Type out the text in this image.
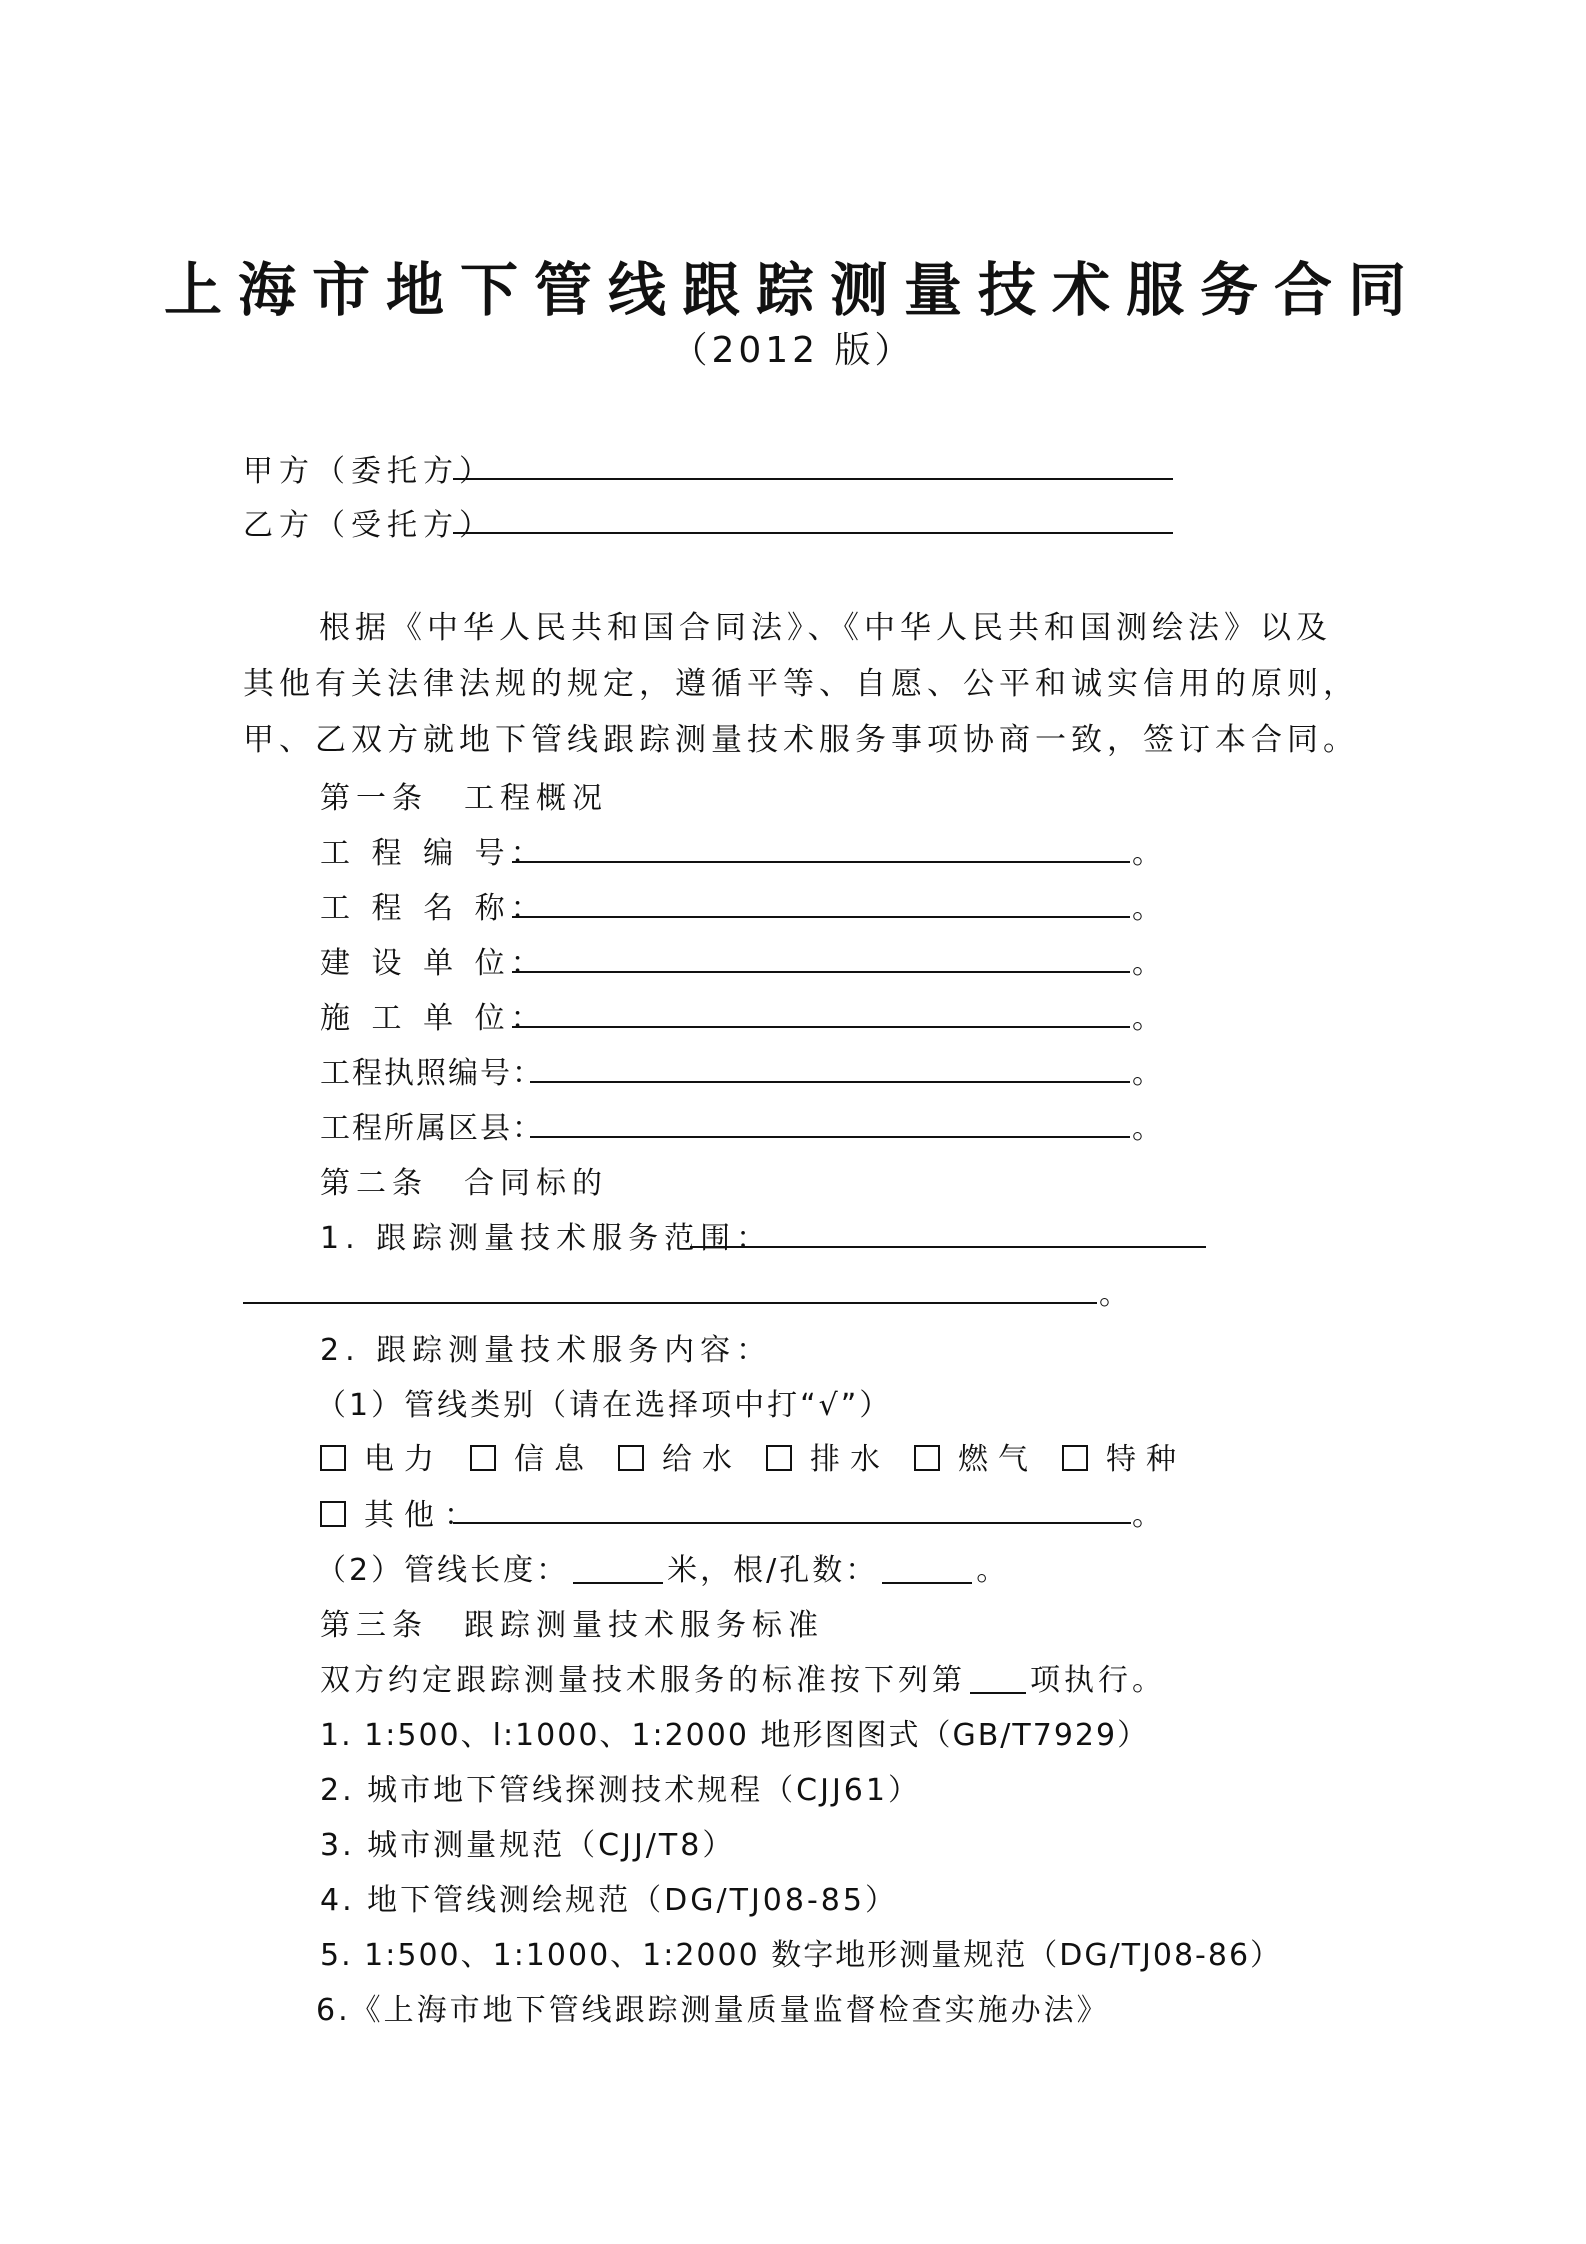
上海市地下管线跟踪测量技术服务合同
（2012 版）
甲方（委托方）
乙方（受托方）
根据《中华人民共和国合同法》、《中华人民共和国测绘法》以及其他有关法律法规的规定，遵循平等、自愿、公平和诚实信用的原则，甲、乙双方就地下管线跟踪测量技术服务事项协商一致，签订本合同。
第一条　工程概况
工 程 编 号：	。
工 程 名 称：	。
建 设 单 位：	。
施 工 单 位：	。
工程执照编号：	。
工程所属区县：	。
第二条　合同标的
1. 跟踪测量技术服务范围：
。
2. 跟踪测量技术服务内容：
（1）管线类别（请在选择项中打“√”）
电力	信息	给水	排水	燃气	特种
其他：	。
（2）管线长度：	米，根/孔数：	。
第三条　跟踪测量技术服务标准
双方约定跟踪测量技术服务的标准按下列第 项执行。
1. 1:500、l:1000、1:2000 地形图图式（GB/T7929）
2. 城市地下管线探测技术规程（CJJ61）
3. 城市测量规范（CJJ/T8）
4. 地下管线测绘规范（DG/TJ08-85）
5. 1:500、1:1000、1:2000 数字地形测量规范（DG/TJ08-86）
6.《上海市地下管线跟踪测量质量监督检查实施办法》
